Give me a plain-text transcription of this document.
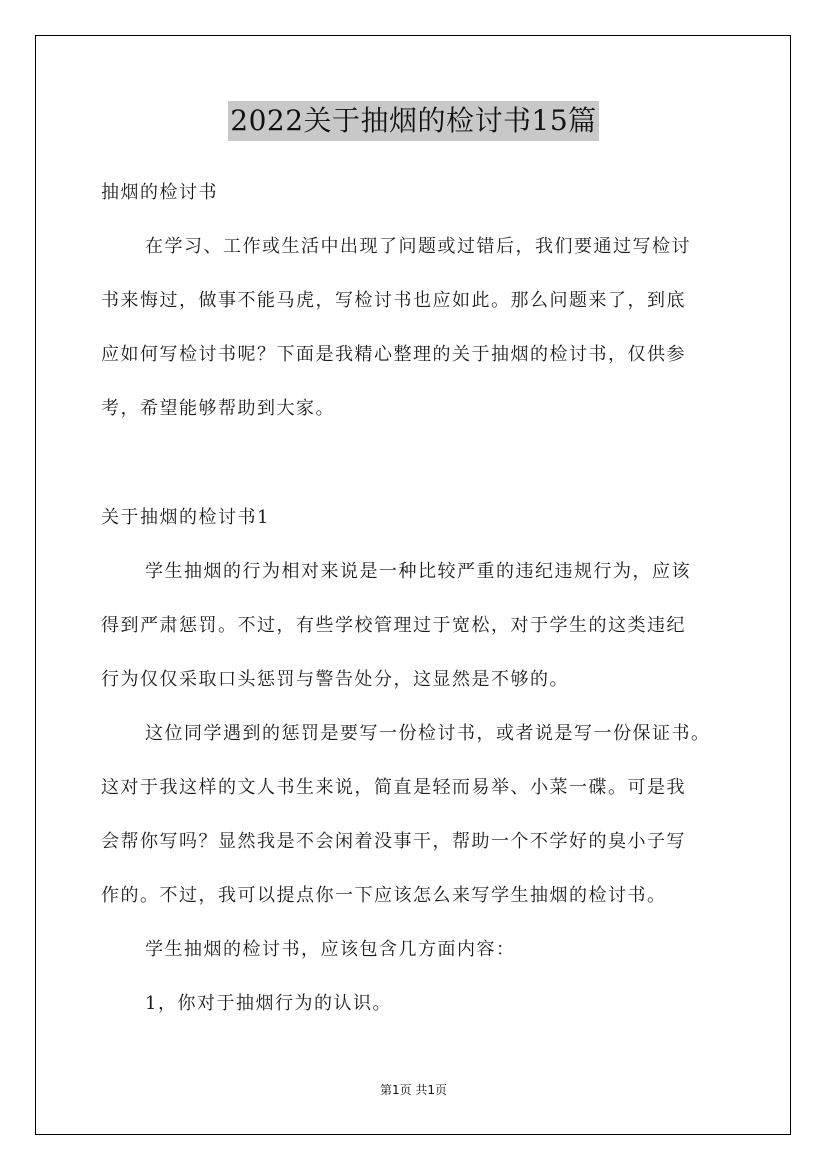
2022关于抽烟的检讨书15篇
抽烟的检讨书
在学习、工作或生活中出现了问题或过错后，我们要通过写检讨
书来悔过，做事不能马虎，写检讨书也应如此。那么问题来了，到底
应如何写检讨书呢？下面是我精心整理的关于抽烟的检讨书，仅供参
考，希望能够帮助到大家。
关于抽烟的检讨书1
学生抽烟的行为相对来说是一种比较严重的违纪违规行为，应该
得到严肃惩罚。不过，有些学校管理过于宽松，对于学生的这类违纪
行为仅仅采取口头惩罚与警告处分，这显然是不够的。
这位同学遇到的惩罚是要写一份检讨书，或者说是写一份保证书。
这对于我这样的文人书生来说，简直是轻而易举、小菜一碟。可是我
会帮你写吗？显然我是不会闲着没事干，帮助一个不学好的臭小子写
作的。不过，我可以提点你一下应该怎么来写学生抽烟的检讨书。
学生抽烟的检讨书，应该包含几方面内容：
1，你对于抽烟行为的认识。
第1页 共1页
